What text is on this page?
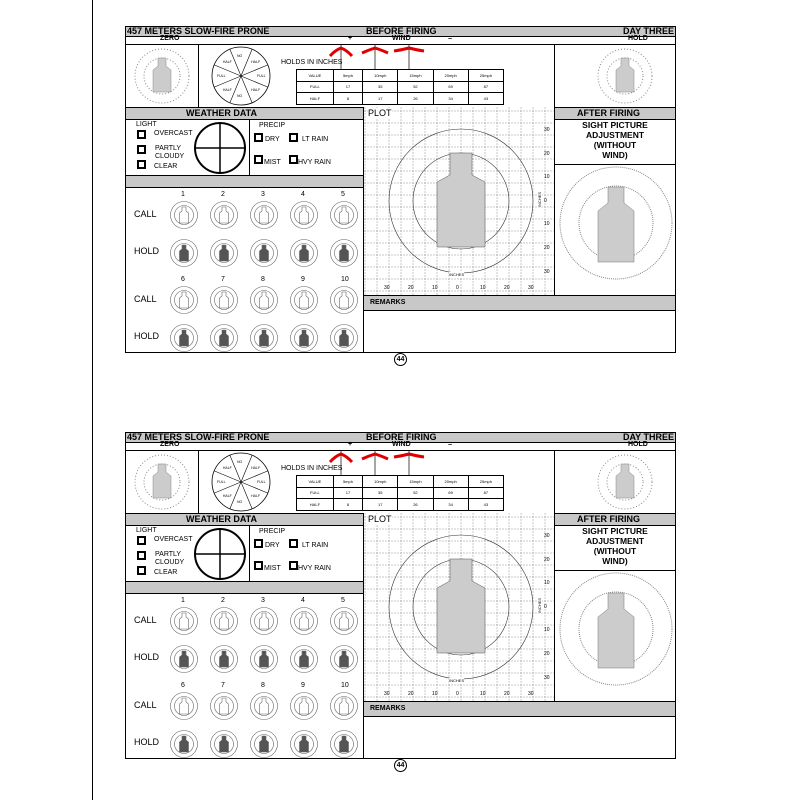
457 METERS SLOW-FIRE PRONE	BEFORE FIRING	DAY THREE
ZERO	+	WIND	=	HOLD
NO
HALF
FULL
HALF
NO
HALF
FULL
HALF	HOLDS IN INCHES
VALUE	5mph	10mph	15mph	20mph	25mph
FULL	17	35	52	69	87
HALF	8	17	26	34	43
WEATHER DATA
LIGHT
OVERCAST
PARTLY CLOUDY
CLEAR
PRECIP
DRY	LT RAIN
MIST HVY RAIN
1	2	3	4	5
CALL
HOLD
6	7	8	9	10
CALL
HOLD
PLOT
INCHES
INCHES
30	20	10	0	10	20	30
30
20
10
0
10
20
30
AFTER FIRING
SIGHT PICTURE
ADJUSTMENT
(WITHOUT
WIND)
REMARKS
44
457 METERS SLOW-FIRE PRONE	BEFORE FIRING	DAY THREE
ZERO	+	WIND	=	HOLD
NO
HALF
FULL
HALF
NO
HALF
FULL
HALF	HOLDS IN INCHES
VALUE	5mph	10mph	15mph	20mph	25mph
FULL	17	35	52	69	87
HALF	8	17	26	34	43
WEATHER DATA
LIGHT
OVERCAST
PARTLY CLOUDY
CLEAR
PRECIP
DRY	LT RAIN
MIST HVY RAIN
1	2	3	4	5
CALL
HOLD
6	7	8	9	10
CALL
HOLD
PLOT
INCHES
INCHES
30	20	10	0	10	20	30
30
20
10
0
10
20
30
AFTER FIRING
SIGHT PICTURE
ADJUSTMENT
(WITHOUT
WIND)
REMARKS
44
